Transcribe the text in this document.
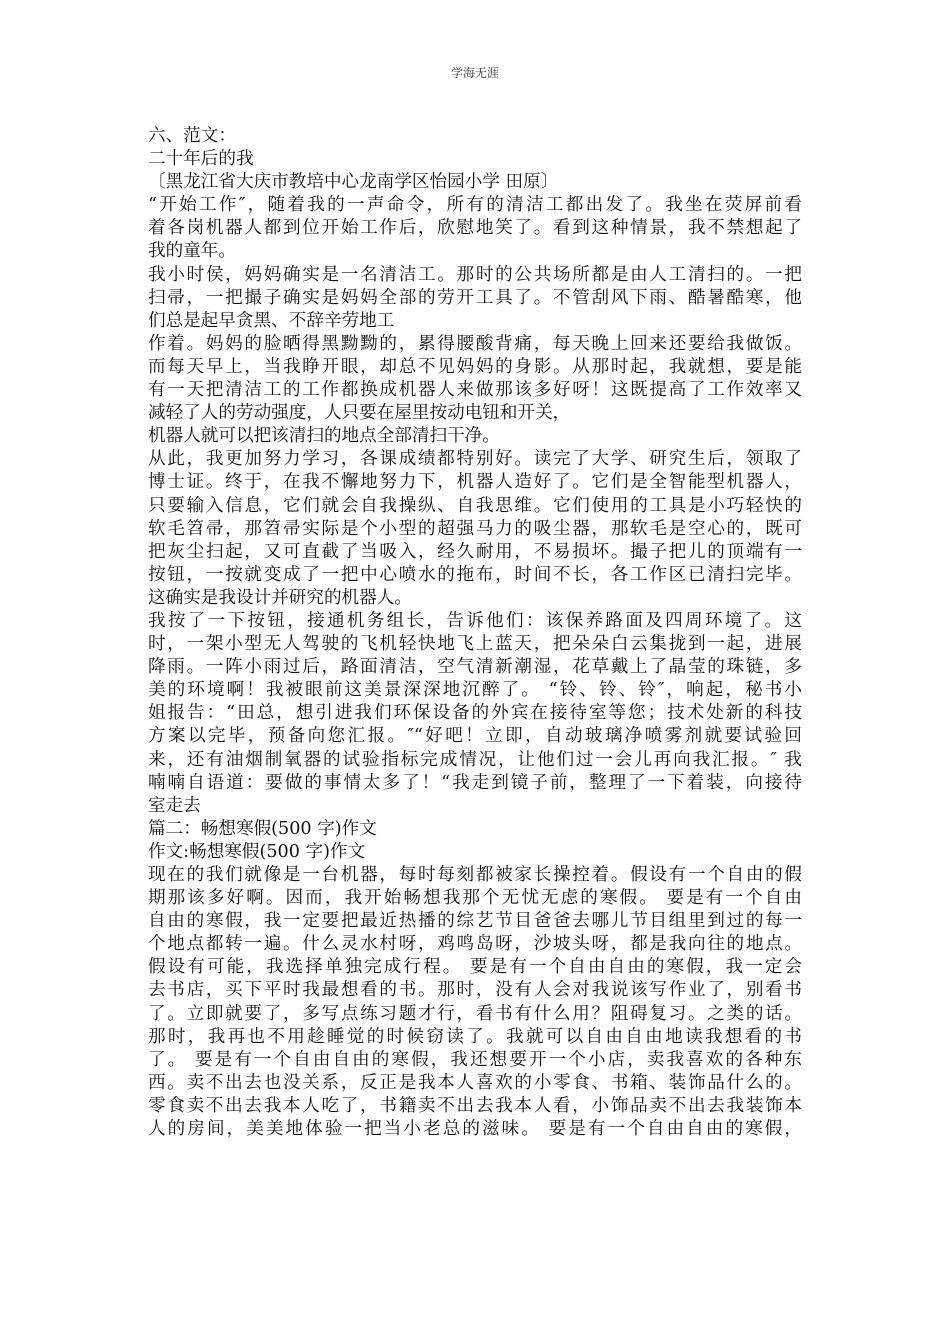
学海无涯
六、范文：
二十年后的我
〔黑龙江省大庆市教培中心龙南学区怡园小学 田原〕
“开始工作″，随着我的一声命令，所有的清洁工都出发了。我坐在荧屏前看
着各岗机器人都到位开始工作后，欣慰地笑了。看到这种情景，我不禁想起了
我的童年。
我小时侯，妈妈确实是一名清洁工。那时的公共场所都是由人工清扫的。一把
扫帚，一把撮子确实是妈妈全部的劳开工具了。不管刮风下雨、酷暑酷寒，他
们总是起早贪黑、不辞辛劳地工
作着。妈妈的脸晒得黑黝黝的，累得腰酸背痛，每天晚上回来还要给我做饭。
而每天早上，当我睁开眼，却总不见妈妈的身影。从那时起，我就想，要是能
有一天把清洁工的工作都换成机器人来做那该多好呀！这既提高了工作效率又
减轻了人的劳动强度，人只要在屋里按动电钮和开关，
机器人就可以把该清扫的地点全部清扫干净。
从此，我更加努力学习，各课成绩都特别好。读完了大学、研究生后，领取了
博士证。终于，在我不懈地努力下，机器人造好了。它们是全智能型机器人，
只要输入信息，它们就会自我操纵、自我思维。它们使用的工具是小巧轻快的
软毛笤帚，那笤帚实际是个小型的超强马力的吸尘器，那软毛是空心的，既可
把灰尘扫起，又可直截了当吸入，经久耐用，不易损坏。撮子把儿的顶端有一
按钮，一按就变成了一把中心喷水的拖布，时间不长，各工作区已清扫完毕。
这确实是我设计并研究的机器人。
我按了一下按钮，接通机务组长，告诉他们：该保养路面及四周环境了。这
时，一架小型无人驾驶的飞机轻快地飞上蓝天，把朵朵白云集拢到一起，进展
降雨。一阵小雨过后，路面清洁，空气清新潮湿，花草戴上了晶莹的珠链，多
美的环境啊！我被眼前这美景深深地沉醉了。 “铃、铃、铃″，响起，秘书小
姐报告：“田总，想引进我们环保设备的外宾在接待室等您；技术处新的科技
方案以完毕，预备向您汇报。″“好吧！立即，自动玻璃净喷雾剂就要试验回
来，还有油烟制氧器的试验指标完成情况，让他们过一会儿再向我汇报。″ 我
喃喃自语道：要做的事情太多了！“我走到镜子前，整理了一下着装，向接待
室走去
篇二：畅想寒假(500 字)作文
作文:畅想寒假(500 字)作文
现在的我们就像是一台机器，每时每刻都被家长操控着。假设有一个自由的假
期那该多好啊。因而，我开始畅想我那个无忧无虑的寒假。 要是有一个自由
自由的寒假，我一定要把最近热播的综艺节目爸爸去哪儿节目组里到过的每一
个地点都转一遍。什么灵水村呀，鸡鸣岛呀，沙坡头呀，都是我向往的地点。
假设有可能，我选择单独完成行程。 要是有一个自由自由的寒假，我一定会
去书店，买下平时我最想看的书。那时，没有人会对我说该写作业了，别看书
了。立即就要了，多写点练习题才行，看书有什么用？阻碍复习。之类的话。
那时，我再也不用趁睡觉的时候窃读了。我就可以自由自由地读我想看的书
了。 要是有一个自由自由的寒假，我还想要开一个小店，卖我喜欢的各种东
西。卖不出去也没关系，反正是我本人喜欢的小零食、书箱、装饰品什么的。
零食卖不出去我本人吃了，书籍卖不出去我本人看，小饰品卖不出去我装饰本
人的房间，美美地体验一把当小老总的滋味。 要是有一个自由自由的寒假，
